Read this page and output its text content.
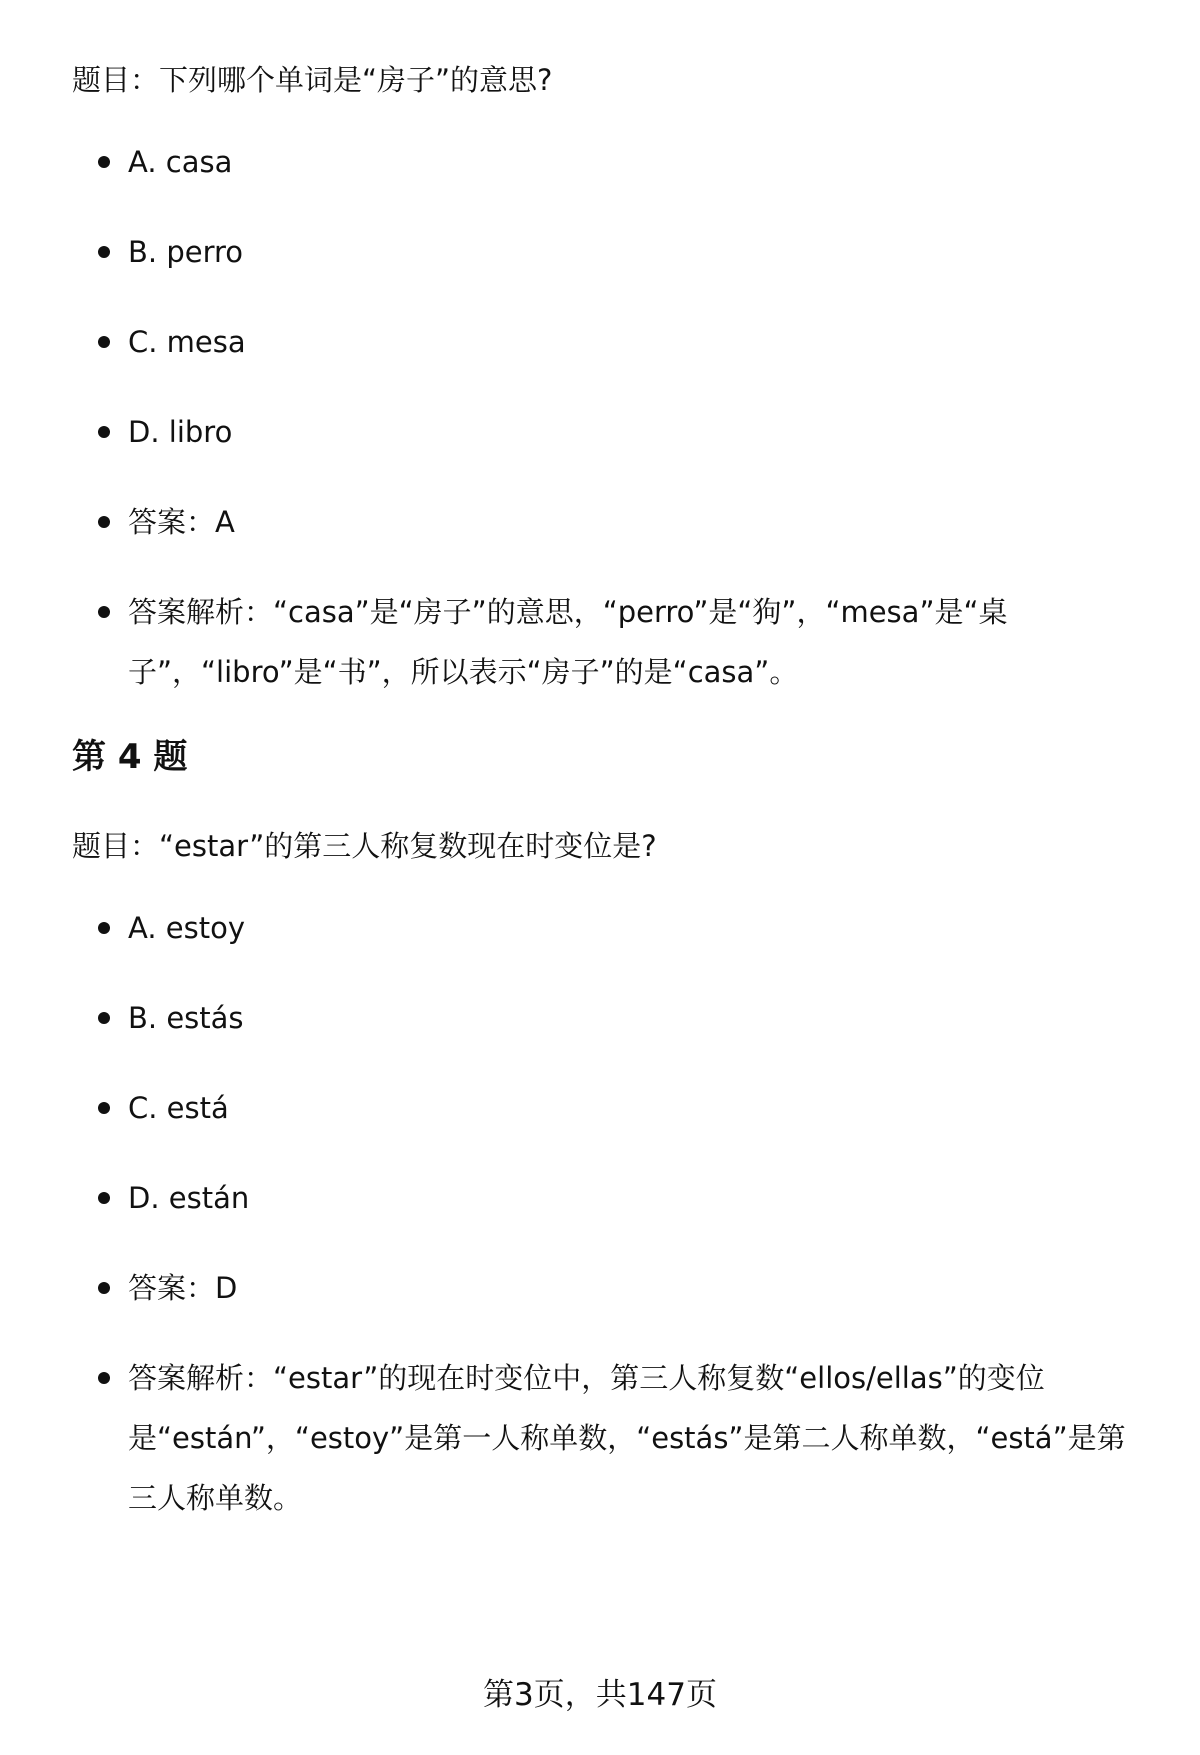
题目：下列哪个单词是“房子”的意思?

A. casa
B. perro
C. mesa
D. libro
答案：A
答案解析：“casa”是“房子”的意思，“perro”是“狗”，“mesa”是“桌子”，“libro”是“书”，所以表示“房子”的是“casa”。
第 4 题

题目：“estar”的第三人称复数现在时变位是?

A. estoy
B. estás
C. está
D. están
答案：D
答案解析：“estar”的现在时变位中，第三人称复数“ellos/ellas”的变位是“están”，“estoy”是第一人称单数，“estás”是第二人称单数，“está”是第三人称单数。
第3页，共147页
